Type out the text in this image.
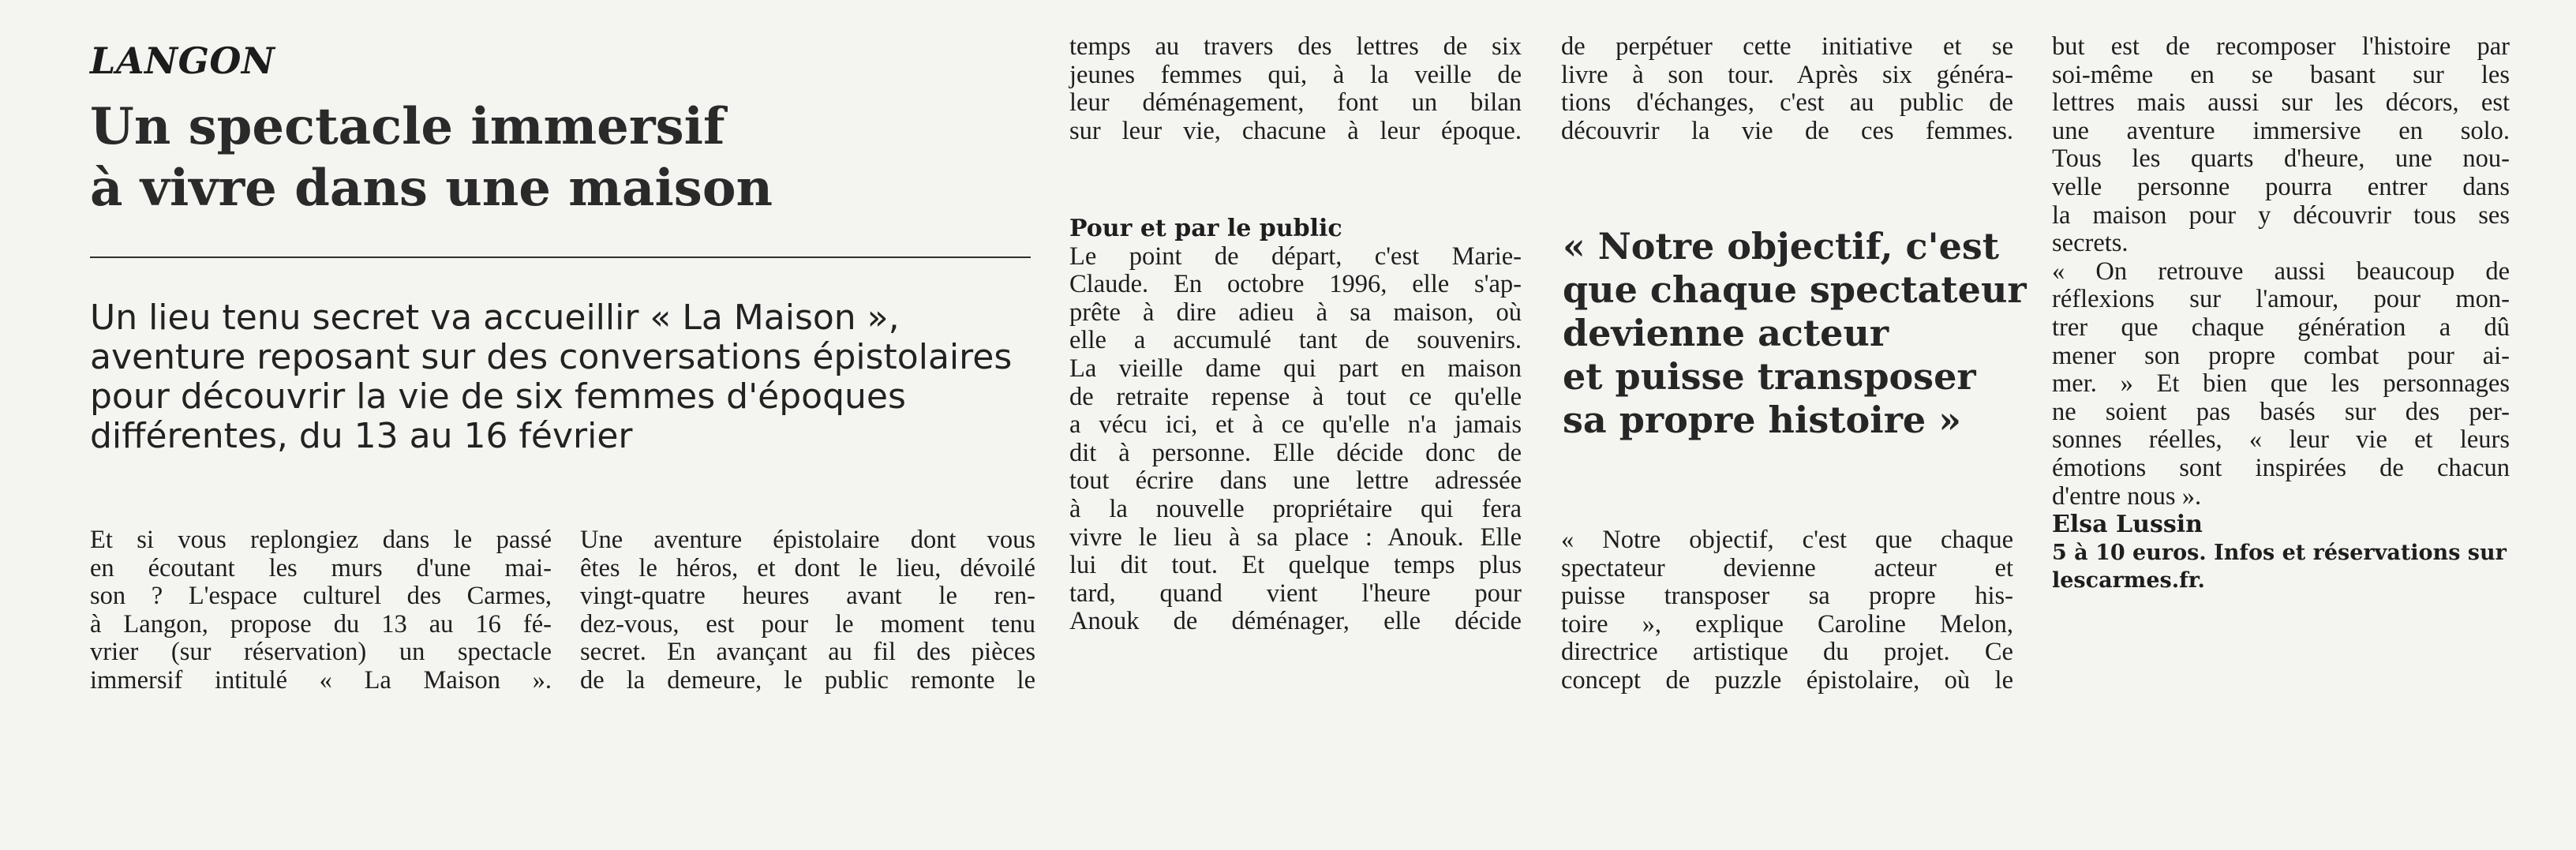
LANGON

Un spectacle immersif
à vivre dans une maison

Un lieu tenu secret va accueillir « La Maison »,
aventure reposant sur des conversations épistolaires
pour découvrir la vie de six femmes d'époques
différentes, du 13 au 16 février

Et si vous replongiez dans le passé
en écoutant les murs d'une mai-
son ? L'espace culturel des Carmes,
à Langon, propose du 13 au 16 fé-
vrier (sur réservation) un spectacle
immersif intitulé « La Maison ».

Une aventure épistolaire dont vous
êtes le héros, et dont le lieu, dévoilé
vingt-quatre heures avant le ren-
dez-vous, est pour le moment tenu
secret. En avançant au fil des pièces
de la demeure, le public remonte le

temps au travers des lettres de six
jeunes femmes qui, à la veille de
leur déménagement, font un bilan
sur leur vie, chacune à leur époque.

Pour et par le public
Le point de départ, c'est Marie-
Claude. En octobre 1996, elle s'ap-
prête à dire adieu à sa maison, où
elle a accumulé tant de souvenirs.
La vieille dame qui part en maison
de retraite repense à tout ce qu'elle
a vécu ici, et à ce qu'elle n'a jamais
dit à personne. Elle décide donc de
tout écrire dans une lettre adressée
à la nouvelle propriétaire qui fera
vivre le lieu à sa place : Anouk. Elle
lui dit tout. Et quelque temps plus
tard, quand vient l'heure pour
Anouk de déménager, elle décide

de perpétuer cette initiative et se
livre à son tour. Après six généra-
tions d'échanges, c'est au public de
découvrir la vie de ces femmes.

« Notre objectif, c'est
que chaque spectateur
devienne acteur
et puisse transposer
sa propre histoire »

« Notre objectif, c'est que chaque
spectateur devienne acteur et
puisse transposer sa propre his-
toire », explique Caroline Melon,
directrice artistique du projet. Ce
concept de puzzle épistolaire, où le

but est de recomposer l'histoire par
soi-même en se basant sur les
lettres mais aussi sur les décors, est
une aventure immersive en solo.
Tous les quarts d'heure, une nou-
velle personne pourra entrer dans
la maison pour y découvrir tous ses
secrets.
« On retrouve aussi beaucoup de
réflexions sur l'amour, pour mon-
trer que chaque génération a dû
mener son propre combat pour ai-
mer. » Et bien que les personnages
ne soient pas basés sur des per-
sonnes réelles, « leur vie et leurs
émotions sont inspirées de chacun
d'entre nous ».
Elsa Lussin
5 à 10 euros. Infos et réservations sur
lescarmes.fr.
